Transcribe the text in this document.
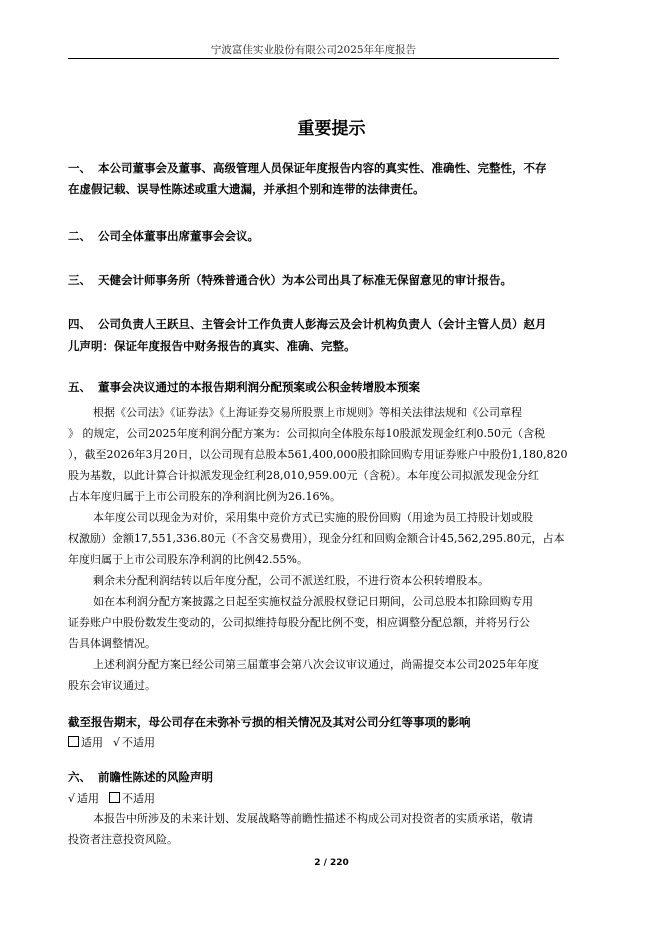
宁波富佳实业股份有限公司2025年年度报告
重要提示
一、 本公司董事会及董事、高级管理人员保证年度报告内容的真实性、准确性、完整性，不存
在虚假记载、误导性陈述或重大遗漏，并承担个别和连带的法律责任。
二、 公司全体董事出席董事会会议。
三、 天健会计师事务所（特殊普通合伙）为本公司出具了标准无保留意见的审计报告。
四、 公司负责人王跃旦、主管会计工作负责人彭海云及会计机构负责人（会计主管人员）赵月
儿声明：保证年度报告中财务报告的真实、准确、完整。
五、 董事会决议通过的本报告期利润分配预案或公积金转增股本预案
根据《公司法》《证券法》《上海证券交易所股票上市规则》等相关法律法规和《公司章程
》 的规定，公司2025年度利润分配方案为：公司拟向全体股东每10股派发现金红利0.50元（含税
），截至2026年3月20日，以公司现有总股本561,400,000股扣除回购专用证券账户中股份1,180,820
股为基数，以此计算合计拟派发现金红利28,010,959.00元（含税）。本年度公司拟派发现金分红
占本年度归属于上市公司股东的净利润比例为26.16%。
本年度公司以现金为对价，采用集中竞价方式已实施的股份回购（用途为员工持股计划或股
权激励）金额17,551,336.80元（不含交易费用），现金分红和回购金额合计45,562,295.80元，占本
年度归属于上市公司股东净利润的比例42.55%。
剩余未分配利润结转以后年度分配，公司不派送红股，不进行资本公积转增股本。
如在本利润分配方案披露之日起至实施权益分派股权登记日期间，公司总股本扣除回购专用
证券账户中股份数发生变动的，公司拟维持每股分配比例不变，相应调整分配总额，并将另行公
告具体调整情况。
上述利润分配方案已经公司第三届董事会第八次会议审议通过，尚需提交本公司2025年年度
股东会审议通过。
截至报告期末，母公司存在未弥补亏损的相关情况及其对公司分红等事项的影响
适用 √ 不适用
六、 前瞻性陈述的风险声明
√ 适用 不适用
本报告中所涉及的未来计划、发展战略等前瞻性描述不构成公司对投资者的实质承诺，敬请
投资者注意投资风险。
2 / 220
